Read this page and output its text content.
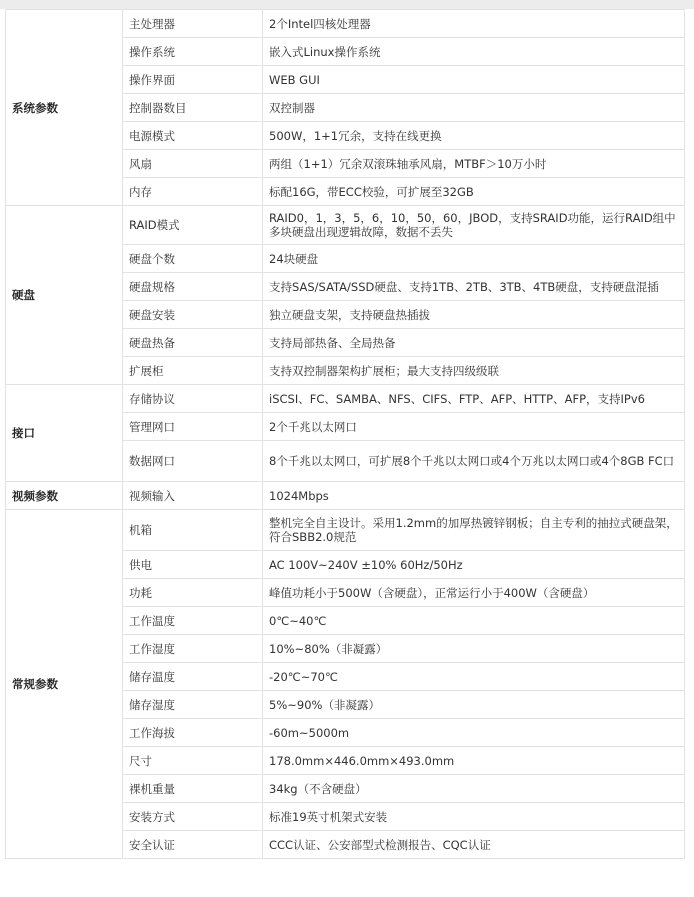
系统参数	主处理器	2个Intel四核处理器
	操作系统	嵌入式Linux操作系统
	操作界面	WEB GUI
	控制器数目	双控制器
	电源模式	500W，1+1冗余，支持在线更换
	风扇	两组（1+1）冗余双滚珠轴承风扇，MTBF＞10万小时
	内存	标配16G，带ECC校验，可扩展至32GB
硬盘	RAID模式	RAID0，1，3，5，6，10，50，60，JBOD，支持SRAID功能，运行RAID组中多块硬盘出现逻辑故障，数据不丢失
	硬盘个数	24块硬盘
	硬盘规格	支持SAS/SATA/SSD硬盘、支持1TB、2TB、3TB、4TB硬盘，支持硬盘混插
	硬盘安装	独立硬盘支架，支持硬盘热插拔
	硬盘热备	支持局部热备、全局热备
	扩展柜	支持双控制器架构扩展柜；最大支持四级级联
接口	存储协议	iSCSI、FC、SAMBA、NFS、CIFS、FTP、AFP、HTTP、AFP，支持IPv6
	管理网口	2个千兆以太网口
	数据网口	8个千兆以太网口，可扩展8个千兆以太网口或4个万兆以太网口或4个8GB FC口
视频参数	视频输入	1024Mbps
常规参数	机箱	整机完全自主设计。采用1.2mm的加厚热镀锌钢板；自主专利的抽拉式硬盘架，符合SBB2.0规范
	供电	AC 100V~240V ±10% 60Hz/50Hz
	功耗	峰值功耗小于500W（含硬盘），正常运行小于400W（含硬盘）
	工作温度	0℃~40℃
	工作湿度	10%~80%（非凝露）
	储存温度	-20℃~70℃
	储存湿度	5%~90%（非凝露）
	工作海拔	-60m~5000m
	尺寸	178.0mm×446.0mm×493.0mm
	裸机重量	34kg（不含硬盘）
	安装方式	标准19英寸机架式安装
	安全认证	CCC认证、公安部型式检测报告、CQC认证
